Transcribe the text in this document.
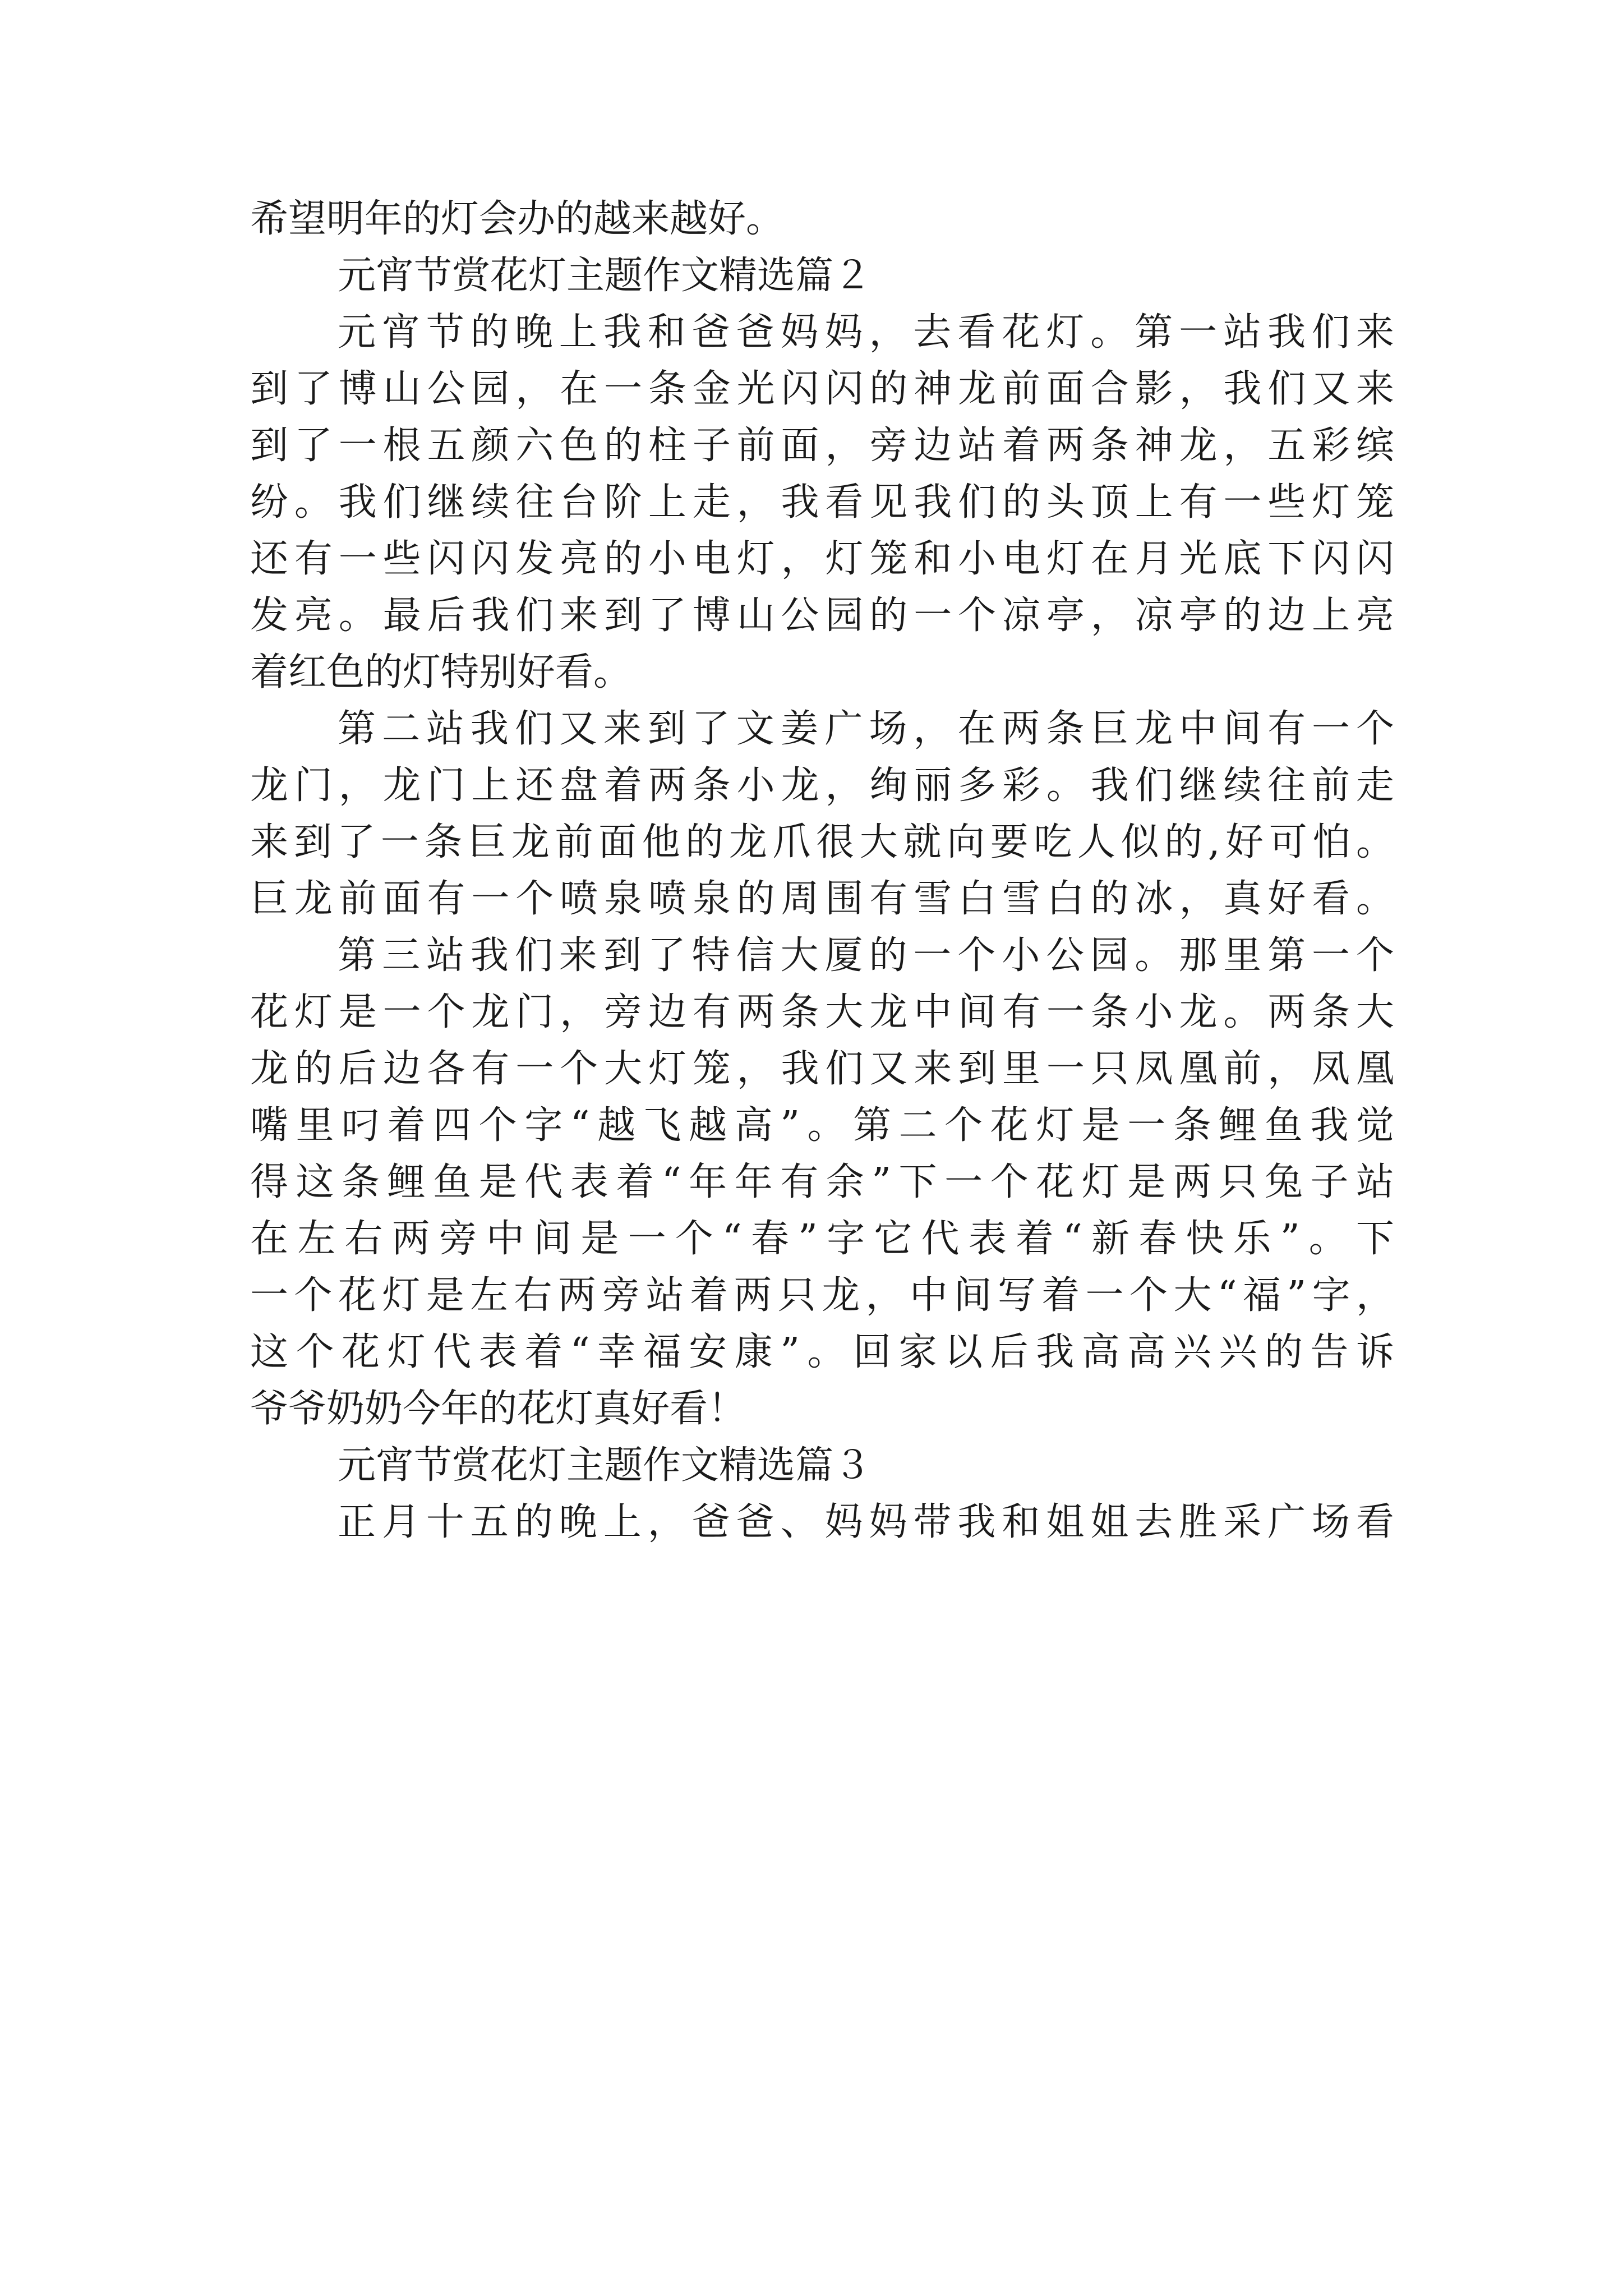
希望明年的灯会办的越来越好。
元宵节赏花灯主题作文精选篇２
元宵节的晚上我和爸爸妈妈，去看花灯。第一站我们来
到了博山公园，在一条金光闪闪的神龙前面合影，我们又来
到了一根五颜六色的柱子前面，旁边站着两条神龙，五彩缤
纷。我们继续往台阶上走，我看见我们的头顶上有一些灯笼
还有一些闪闪发亮的小电灯，灯笼和小电灯在月光底下闪闪
发亮。最后我们来到了博山公园的一个凉亭，凉亭的边上亮
着红色的灯特别好看。
第二站我们又来到了文姜广场，在两条巨龙中间有一个
龙门，龙门上还盘着两条小龙，绚丽多彩。我们继续往前走
来到了一条巨龙前面他的龙爪很大就向要吃人似的,好可怕。
巨龙前面有一个喷泉喷泉的周围有雪白雪白的冰，真好看。
第三站我们来到了特信大厦的一个小公园。那里第一个
花灯是一个龙门，旁边有两条大龙中间有一条小龙。两条大
龙的后边各有一个大灯笼，我们又来到里一只凤凰前，凤凰
嘴里叼着四个字“越飞越高”。第二个花灯是一条鲤鱼我觉
得这条鲤鱼是代表着“年年有余”下一个花灯是两只兔子站
在左右两旁中间是一个“春”字它代表着“新春快乐”。下
一个花灯是左右两旁站着两只龙，中间写着一个大“福”字，
这个花灯代表着“幸福安康”。回家以后我高高兴兴的告诉
爷爷奶奶今年的花灯真好看！
元宵节赏花灯主题作文精选篇３
正月十五的晚上，爸爸、妈妈带我和姐姐去胜采广场看
